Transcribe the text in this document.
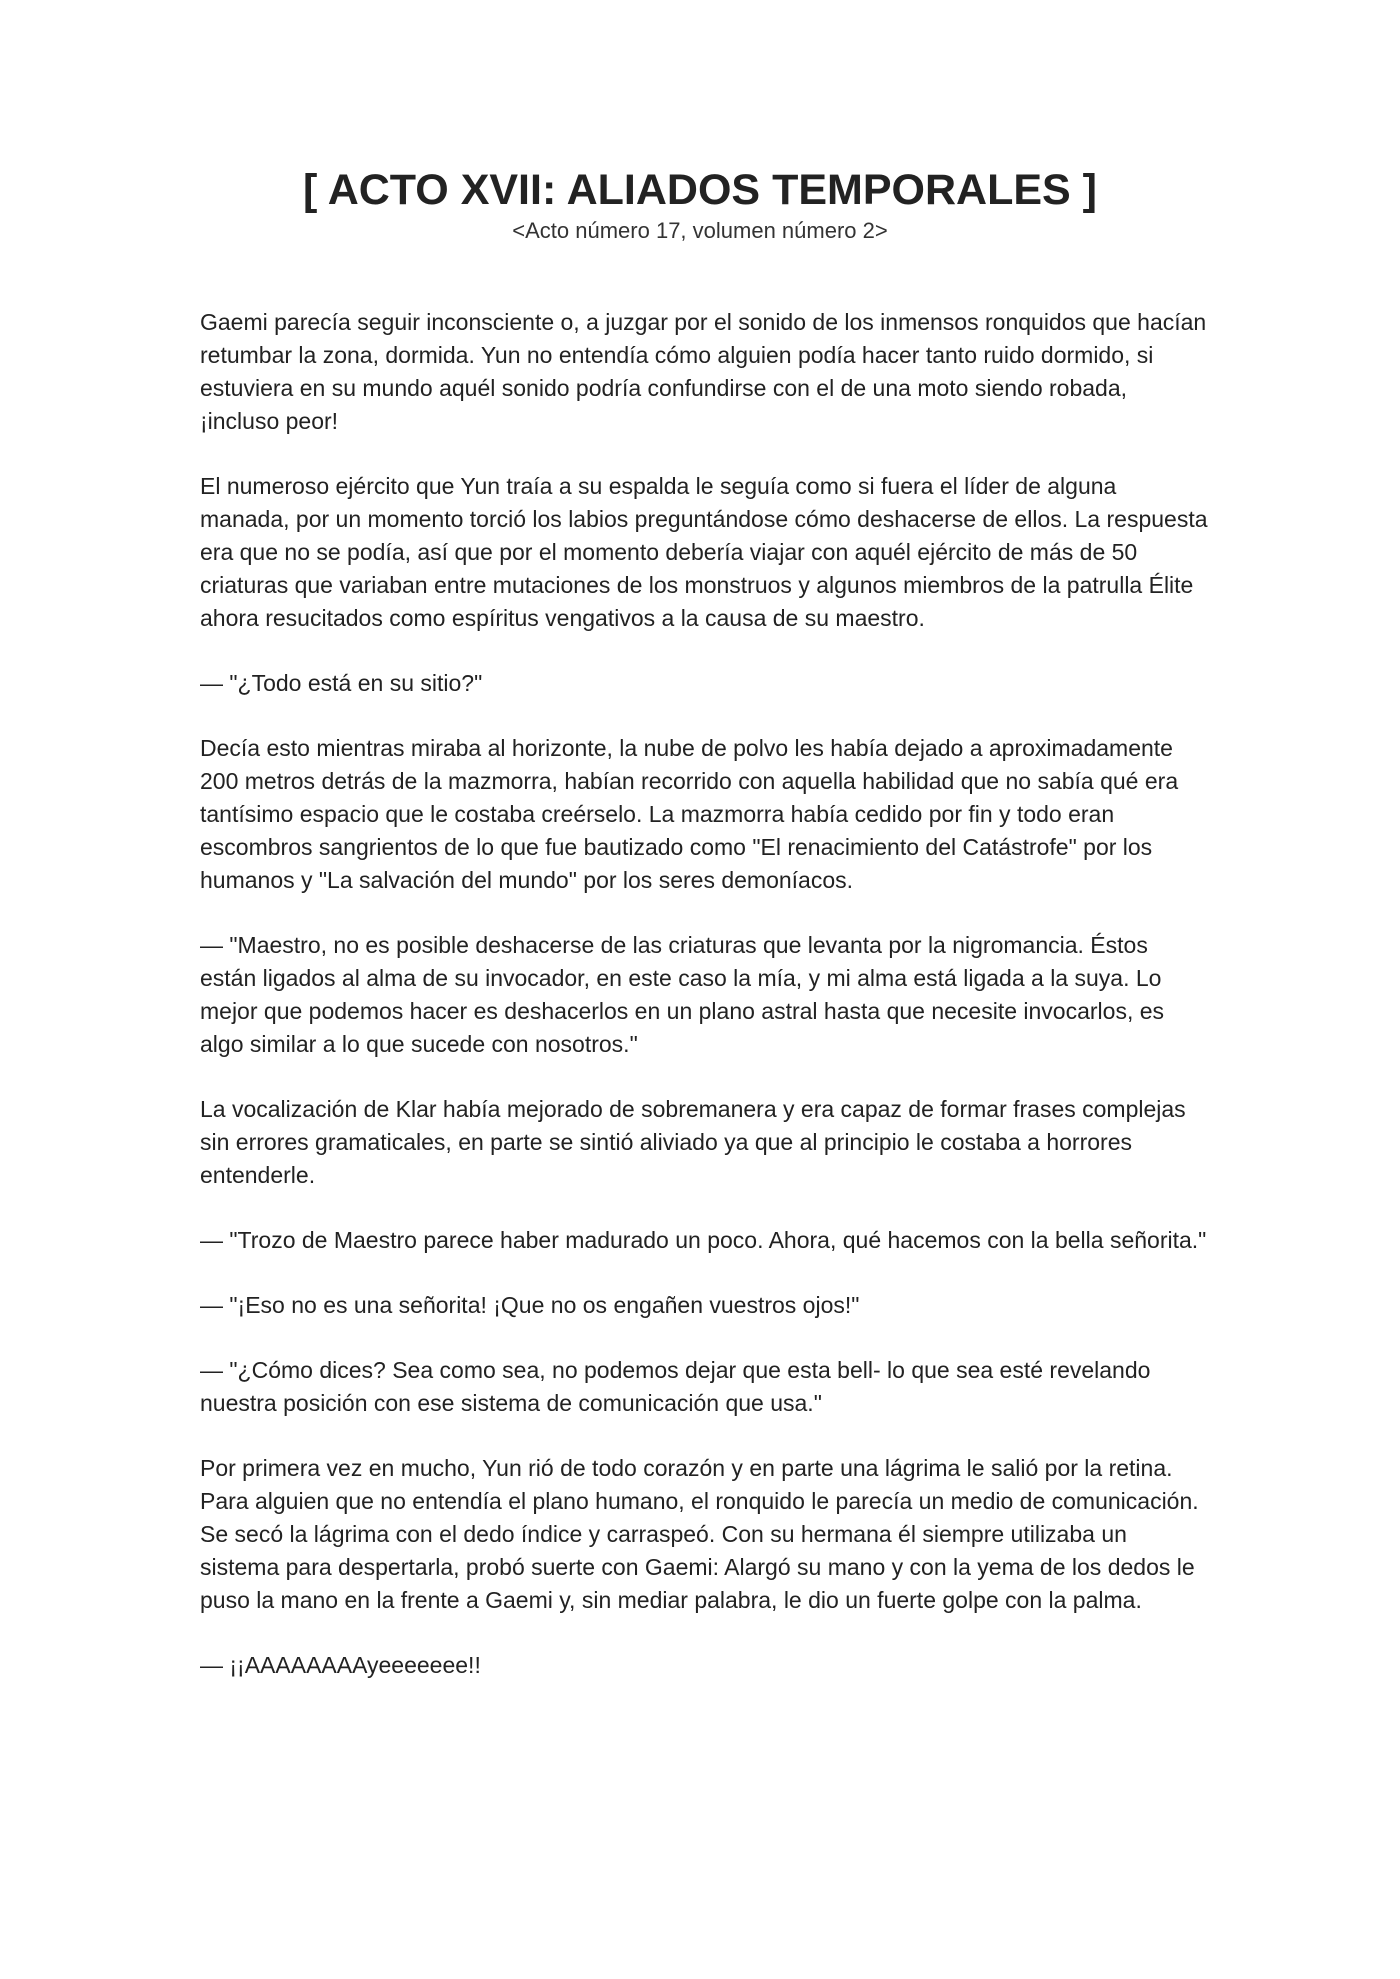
[ ACTO XVII: ALIADOS TEMPORALES ]
<Acto número 17, volumen número 2>

Gaemi parecía seguir inconsciente o, a juzgar por el sonido de los inmensos ronquidos que hacían retumbar la zona, dormida. Yun no entendía cómo alguien podía hacer tanto ruido dormido, si estuviera en su mundo aquél sonido podría confundirse con el de una moto siendo robada, ¡incluso peor!

El numeroso ejército que Yun traía a su espalda le seguía como si fuera el líder de alguna manada, por un momento torció los labios preguntándose cómo deshacerse de ellos. La respuesta era que no se podía, así que por el momento debería viajar con aquél ejército de más de 50 criaturas que variaban entre mutaciones de los monstruos y algunos miembros de la patrulla Élite ahora resucitados como espíritus vengativos a la causa de su maestro.

— "¿Todo está en su sitio?"

Decía esto mientras miraba al horizonte, la nube de polvo les había dejado a aproximadamente 200 metros detrás de la mazmorra, habían recorrido con aquella habilidad que no sabía qué era tantísimo espacio que le costaba creérselo. La mazmorra había cedido por fin y todo eran escombros sangrientos de lo que fue bautizado como "El renacimiento del Catástrofe" por los humanos y "La salvación del mundo" por los seres demoníacos.

— "Maestro, no es posible deshacerse de las criaturas que levanta por la nigromancia. Éstos están ligados al alma de su invocador, en este caso la mía, y mi alma está ligada a la suya. Lo mejor que podemos hacer es deshacerlos en un plano astral hasta que necesite invocarlos, es algo similar a lo que sucede con nosotros."

La vocalización de Klar había mejorado de sobremanera y era capaz de formar frases complejas sin errores gramaticales, en parte se sintió aliviado ya que al principio le costaba a horrores entenderle.

— "Trozo de Maestro parece haber madurado un poco. Ahora, qué hacemos con la bella señorita."

— "¡Eso no es una señorita! ¡Que no os engañen vuestros ojos!"

— "¿Cómo dices? Sea como sea, no podemos dejar que esta bell- lo que sea esté revelando nuestra posición con ese sistema de comunicación que usa."

Por primera vez en mucho, Yun rió de todo corazón y en parte una lágrima le salió por la retina. Para alguien que no entendía el plano humano, el ronquido le parecía un medio de comunicación. Se secó la lágrima con el dedo índice y carraspeó. Con su hermana él siempre utilizaba un sistema para despertarla, probó suerte con Gaemi: Alargó su mano y con la yema de los dedos le puso la mano en la frente a Gaemi y, sin mediar palabra, le dio un fuerte golpe con la palma.

— ¡¡AAAAAAAAyeeeeeee!!
